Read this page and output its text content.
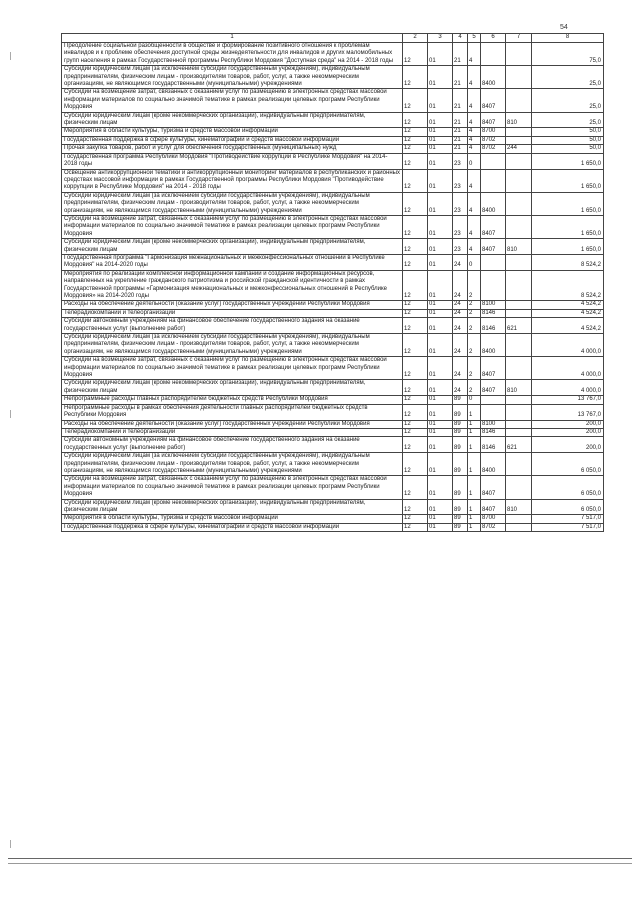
54
1	2	3	4	5	6	7	8
Преодоление социальной разобщенности в обществе и формирование позитивного отношения к проблемам инвалидов и к проблеме обеспечения доступной среды жизнедеятельности для инвалидов и других маломобильных групп населения в рамках Государственной программы Республики Мордовия "Доступная среда" на 2014 - 2018 годы	12	01	21	4			75,0
Субсидии юридическим лицам (за исключением субсидий государственным учреждениям), индивидуальным предпринимателям, физическим лицам - производителям товаров, работ, услуг, а также некоммерческим организациям, не являющимся государственными (муниципальными) учреждениями	12	01	21	4	8400		25,0
Субсидии на возмещение затрат, связанных с оказанием услуг по размещению в электронных средствах массовой информации материалов по социально значимой тематике в рамках реализации целевых программ Республики Мордовия	12	01	21	4	8407		25,0
Субсидии юридическим лицам (кроме некоммерческих организаций), индивидуальным предпринимателям, физическим лицам	12	01	21	4	8407	810	25,0
Мероприятия в области культуры, туризма и средств массовой информации	12	01	21	4	8700		50,0
Государственная поддержка в сфере культуры, кинематографии и средств массовой информации	12	01	21	4	8702		50,0
Прочая закупка товаров, работ и услуг для обеспечения государственных (муниципальных) нужд	12	01	21	4	8702	244	50,0
Государственная программа Республики Мордовия "Противодействие коррупции в Республике Мордовия" на 2014-2018 годы	12	01	23	0			1 650,0
Освещение антикоррупционной тематики и антикоррупционный мониторинг материалов в республиканских и районных средствах массовой информации в рамках Государственной программы Республики Мордовия "Противодействие коррупции в Республике Мордовия" на 2014 - 2018 годы	12	01	23	4			1 650,0
Субсидии юридическим лицам (за исключением субсидий государственным учреждениям), индивидуальным предпринимателям, физическим лицам - производителям товаров, работ, услуг, а также некоммерческим организациям, не являющимся государственными (муниципальными) учреждениями	12	01	23	4	8400		1 650,0
Субсидии на возмещение затрат, связанных с оказанием услуг по размещению в электронных средствах массовой информации материалов по социально значимой тематике в рамках реализации целевых программ Республики Мордовия	12	01	23	4	8407		1 650,0
Субсидии юридическим лицам (кроме некоммерческих организаций), индивидуальным предпринимателям, физическим лицам	12	01	23	4	8407	810	1 650,0
Государственная программа "Гармонизация межнациональных и межконфессиональных отношений в Республике Мордовия" на 2014-2020 годы	12	01	24	0			8 524,2
Мероприятия по реализации комплексной информационной кампании и создание информационных ресурсов, направленных на укрепление гражданского патриотизма и российской гражданской идентичности в рамках Государственной программы «Гармонизация межнациональных и межконфессиональных отношений в Республике Мордовия» на 2014-2020 годы	12	01	24	2			8 524,2
Расходы на обеспечение деятельности (оказание услуг) государственных учреждений Республики Мордовия	12	01	24	2	8100		4 524,2
Телерадиокомпании и телеорганизации	12	01	24	2	8146		4 524,2
Субсидии автономным учреждениям на финансовое обеспечение государственного задания на оказание государственных услуг (выполнение работ)	12	01	24	2	8146	621	4 524,2
Субсидии юридическим лицам (за исключением субсидий государственным учреждениям), индивидуальным предпринимателям, физическим лицам - производителям товаров, работ, услуг, а также некоммерческим организациям, не являющимся государственными (муниципальными) учреждениями	12	01	24	2	8400		4 000,0
Субсидии на возмещение затрат, связанных с оказанием услуг по размещению в электронных средствах массовой информации материалов по социально значимой тематике в рамках реализации целевых программ Республики Мордовия	12	01	24	2	8407		4 000,0
Субсидии юридическим лицам (кроме некоммерческих организаций), индивидуальным предпринимателям, физическим лицам	12	01	24	2	8407	810	4 000,0
Непрограммные расходы главных распорядителей бюджетных средств Республики Мордовия	12	01	89	0			13 767,0
Непрограммные расходы в рамках обеспечения деятельности главных распорядителей бюджетных средств Республики Мордовия	12	01	89	1			13 767,0
Расходы на обеспечение деятельности (оказание услуг) государственных учреждений Республики Мордовия	12	01	89	1	8100		200,0
Телерадиокомпании и телеорганизации	12	01	89	1	8146		200,0
Субсидии автономным учреждениям на финансовое обеспечение государственного задания на оказание государственных услуг (выполнение работ)	12	01	89	1	8146	621	200,0
Субсидии юридическим лицам (за исключением субсидий государственным учреждениям), индивидуальным предпринимателям, физическим лицам - производителям товаров, работ, услуг, а также некоммерческим организациям, не являющимся государственными (муниципальными) учреждениями	12	01	89	1	8400		6 050,0
Субсидии на возмещение затрат, связанных с оказанием услуг по размещению в электронных средствах массовой информации материалов по социально значимой тематике в рамках реализации целевых программ Республики Мордовия	12	01	89	1	8407		6 050,0
Субсидии юридическим лицам (кроме некоммерческих организаций), индивидуальным предпринимателям, физическим лицам	12	01	89	1	8407	810	6 050,0
Мероприятия в области культуры, туризма и средств массовой информации	12	01	89	1	8700		7 517,0
Государственная поддержка в сфере культуры, кинематографии и средств массовой информации	12	01	89	1	8702		7 517,0
